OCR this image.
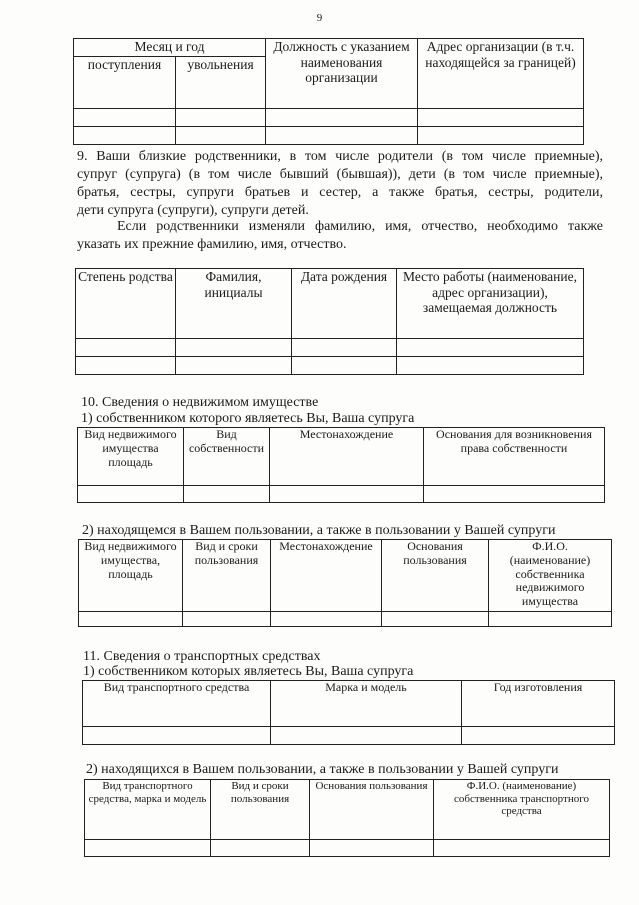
9
Месяц и год		Должность с указанием наименования организации	Адрес организации (в т.ч. находящейся за границей)
поступления	увольнения		

9. Ваши близкие родственники, в том числе родители (в том числе приемные),
супруг (супруга) (в том числе бывший (бывшая)), дети (в том числе приемные),
братья, сестры, супруги братьев и сестер, а также братья, сестры, родители,
дети супруга (супруги), супруги детей.
Если родственники изменяли фамилию, имя, отчество, необходимо также
указать их прежние фамилию, имя, отчество.
Степень родства	Фамилия, инициалы	Дата рождения	Место работы (наименование, адрес организации), замещаемая должность

10. Сведения о недвижимом имуществе
1) собственником которого являетесь Вы, Ваша супруга
Вид недвижимого имущества площадь	Вид собственности	Местонахождение	Основания для возникновения права собственности

2) находящемся в Вашем пользовании, а также в пользовании у Вашей супруги
Вид недвижимого имущества, площадь	Вид и сроки пользования	Местонахождение	Основания пользования	Ф.И.О. (наименование) собственника недвижимого имущества

11. Сведения о транспортных средствах
1) собственником которых являетесь Вы, Ваша супруга
Вид транспортного средства	Марка и модель	Год изготовления

2) находящихся в Вашем пользовании, а также в пользовании у Вашей супруги
Вид транспортного средства, марка и модель	Вид и сроки пользования	Основания пользования	Ф.И.О. (наименование) собственника транспортного средства
